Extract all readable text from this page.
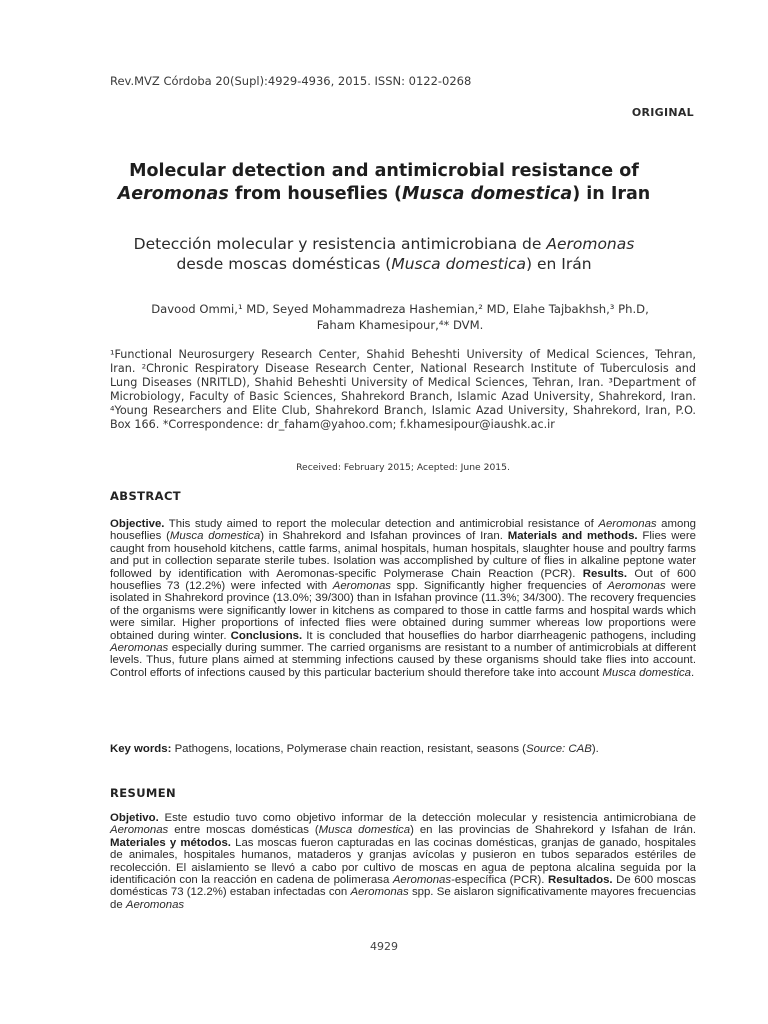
Rev.MVZ Córdoba 20(Supl):4929-4936, 2015. ISSN: 0122-0268
ORIGINAL
Molecular detection and antimicrobial resistance of
Aeromonas from houseflies (Musca domestica) in Iran
Detección molecular y resistencia antimicrobiana de Aeromonas
desde moscas domésticas (Musca domestica) en Irán
Davood Ommi,¹ MD, Seyed Mohammadreza Hashemian,² MD, Elahe Tajbakhsh,³ Ph.D,
Faham Khamesipour,⁴* DVM.
¹Functional Neurosurgery Research Center, Shahid Beheshti University of Medical Sciences, Tehran, Iran. ²Chronic Respiratory Disease Research Center, National Research Institute of Tuberculosis and Lung Diseases (NRITLD), Shahid Beheshti University of Medical Sciences, Tehran, Iran. ³Department of Microbiology, Faculty of Basic Sciences, Shahrekord Branch, Islamic Azad University, Shahrekord, Iran. ⁴Young Researchers and Elite Club, Shahrekord Branch, Islamic Azad University, Shahrekord, Iran, P.O. Box 166. *Correspondence: dr_faham@yahoo.com; f.khamesipour@iaushk.ac.ir
Received: February 2015; Acepted: June 2015.
ABSTRACT

Objective. This study aimed to report the molecular detection and antimicrobial resistance of Aeromonas among houseflies (Musca domestica) in Shahrekord and Isfahan provinces of Iran. Materials and methods. Flies were caught from household kitchens, cattle farms, animal hospitals, human hospitals, slaughter house and poultry farms and put in collection separate sterile tubes. Isolation was accomplished by culture of flies in alkaline peptone water followed by identification with Aeromonas-specific Polymerase Chain Reaction (PCR). Results. Out of 600 houseflies 73 (12.2%) were infected with Aeromonas spp. Significantly higher frequencies of Aeromonas were isolated in Shahrekord province (13.0%; 39/300) than in Isfahan province (11.3%; 34/300). The recovery frequencies of the organisms were significantly lower in kitchens as compared to those in cattle farms and hospital wards which were similar. Higher proportions of infected flies were obtained during summer whereas low proportions were obtained during winter. Conclusions. It is concluded that houseflies do harbor diarrheagenic pathogens, including Aeromonas especially during summer. The carried organisms are resistant to a number of antimicrobials at different levels. Thus, future plans aimed at stemming infections caused by these organisms should take flies into account. Control efforts of infections caused by this particular bacterium should therefore take into account Musca domestica.

Key words: Pathogens, locations, Polymerase chain reaction, resistant, seasons (Source: CAB).

RESUMEN

Objetivo. Este estudio tuvo como objetivo informar de la detección molecular y resistencia antimicrobiana de Aeromonas entre moscas domésticas (Musca domestica) en las provincias de Shahrekord y Isfahan de Irán. Materiales y métodos. Las moscas fueron capturadas en las cocinas domésticas, granjas de ganado, hospitales de animales, hospitales humanos, mataderos y granjas avícolas y pusieron en tubos separados estériles de recolección. El aislamiento se llevó a cabo por cultivo de moscas en agua de peptona alcalina seguida por la identificación con la reacción en cadena de polimerasa Aeromonas-específica (PCR). Resultados. De 600 moscas domésticas 73 (12.2%) estaban infectadas con Aeromonas spp. Se aislaron significativamente mayores frecuencias de Aeromonas

4929
